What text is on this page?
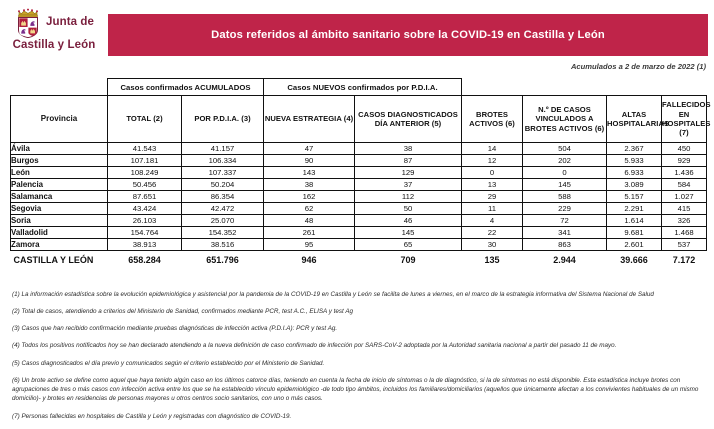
Junta de
Castilla y León
Datos referidos al ámbito sanitario sobre la COVID-19 en Castilla y León
Acumulados a 2 de marzo de 2022 (1)
	Casos confirmados ACUMULADOS		Casos NUEVOS confirmados por P.D.I.A.					
Provincia	TOTAL (2)	POR P.D.I.A. (3)	NUEVA ESTRATEGIA (4)	CASOS DIAGNOSTICADOS DÍA ANTERIOR (5)	BROTES ACTIVOS (6)	N.º DE CASOS VINCULADOS A BROTES ACTIVOS (6)	ALTAS HOSPITALARIAS	FALLECIDOS EN HOSPITALES (7)
Ávila	41.543	41.157	47	38	14	504	2.367	450
Burgos	107.181	106.334	90	87	12	202	5.933	929
León	108.249	107.337	143	129	0	0	6.933	1.436
Palencia	50.456	50.204	38	37	13	145	3.089	584
Salamanca	87.651	86.354	162	112	29	588	5.157	1.027
Segovia	43.424	42.472	62	50	11	229	2.291	415
Soria	26.103	25.070	48	46	4	72	1.614	326
Valladolid	154.764	154.352	261	145	22	341	9.681	1.468
Zamora	38.913	38.516	95	65	30	863	2.601	537
CASTILLA Y LEÓN	658.284	651.796	946	709	135	2.944	39.666	7.172
(1) La información estadística sobre la evolución epidemiológica y asistencial por la pandemia de la COVID-19 en Castilla y León se facilita de lunes a viernes, en el marco de la estrategia informativa del Sistema Nacional de Salud
(2) Total de casos, atendiendo a criterios del Ministerio de Sanidad, confirmados mediante PCR, test A.C., ELISA y test Ag
(3) Casos que han recibido confirmación mediante pruebas diagnósticas de infección activa (P.D.I.A): PCR y test Ag.
(4) Todos los positivos notificados hoy se han declarado atendiendo a la nueva definición de caso confirmado de infección por SARS-CoV-2 adoptada por la Autoridad sanitaria nacional a partir del pasado 11 de mayo.
(5) Casos diagnosticados el día previo y comunicados según el criterio establecido por el Ministerio de Sanidad.
(6) Un brote activo se define como aquel que haya tenido algún caso en los últimos catorce días, teniendo en cuenta la fecha de inicio de síntomas o la de diagnóstico, si la de síntomas no está disponible. Esta estadística incluye brotes con agrupaciones de tres o más casos con infección activa entre los que se ha establecido vínculo epidemiológico -de todo tipo ámbitos, incluidos los familiares/domiciliarios (aquellos que únicamente afectan a los convivientes habituales de un mismo domicilio)- y brotes en residencias de personas mayores u otros centros socio sanitarios, con uno o más casos.
(7) Personas fallecidas en hospitales de Castilla y León y registradas con diagnóstico de COVID-19.
